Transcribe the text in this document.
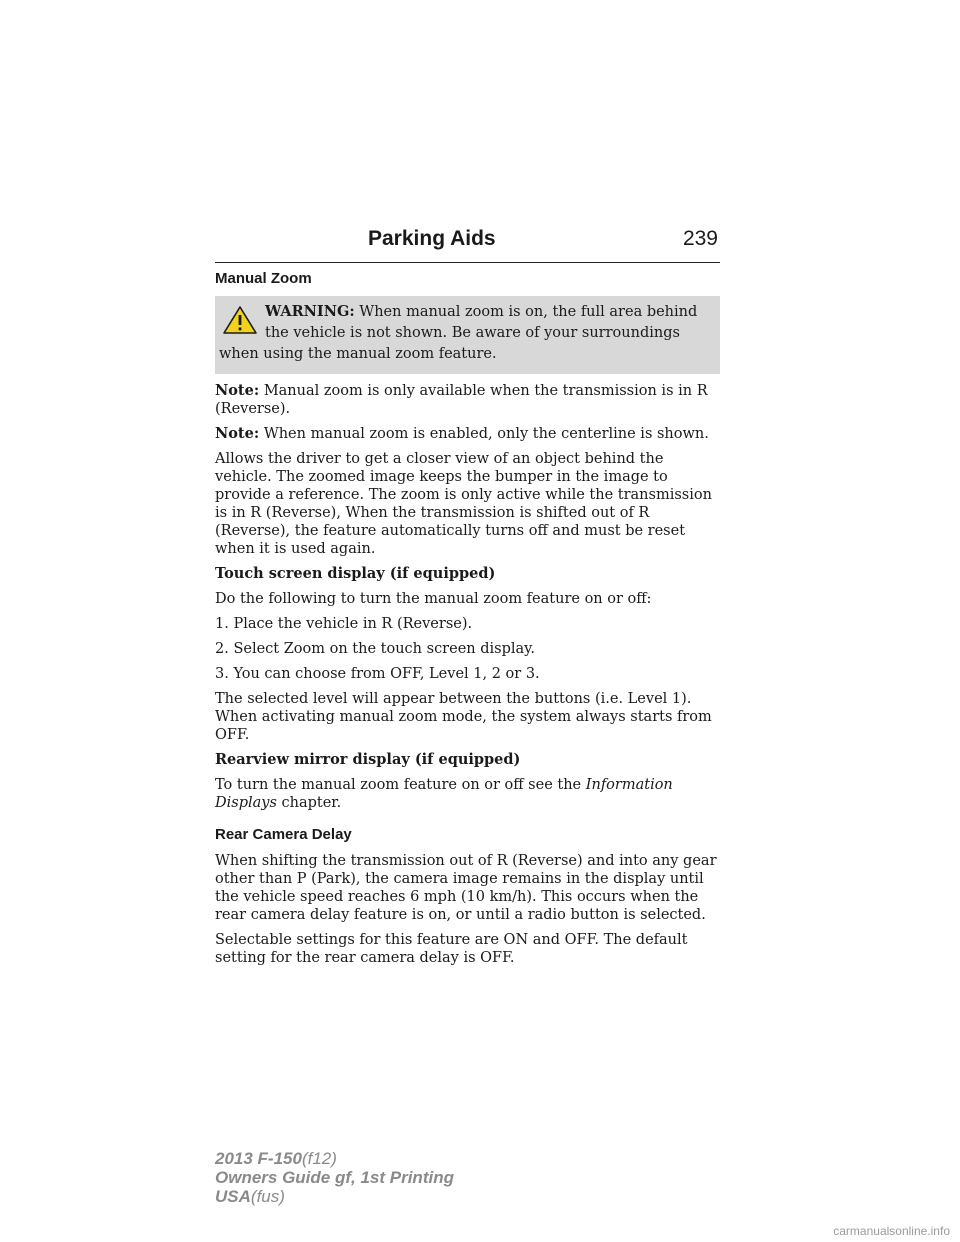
Parking Aids	239
Manual Zoom
WARNING: When manual zoom is on, the full area behind the vehicle is not shown. Be aware of your surroundings when using the manual zoom feature.

Note: Manual zoom is only available when the transmission is in R (Reverse).

Note: When manual zoom is enabled, only the centerline is shown.

Allows the driver to get a closer view of an object behind the vehicle. The zoomed image keeps the bumper in the image to provide a reference. The zoom is only active while the transmission is in R (Reverse), When the transmission is shifted out of R (Reverse), the feature automatically turns off and must be reset when it is used again.

Touch screen display (if equipped)

Do the following to turn the manual zoom feature on or off:

1. Place the vehicle in R (Reverse).

2. Select Zoom on the touch screen display.

3. You can choose from OFF, Level 1, 2 or 3.

The selected level will appear between the buttons (i.e. Level 1). When activating manual zoom mode, the system always starts from OFF.

Rearview mirror display (if equipped)

To turn the manual zoom feature on or off see the Information Displays chapter.

Rear Camera Delay

When shifting the transmission out of R (Reverse) and into any gear other than P (Park), the camera image remains in the display until the vehicle speed reaches 6 mph (10 km/h). This occurs when the rear camera delay feature is on, or until a radio button is selected.

Selectable settings for this feature are ON and OFF. The default setting for the rear camera delay is OFF.

2013 F-150(f12)
Owners Guide gf, 1st Printing
USA(fus)
carmanualsonline.info
